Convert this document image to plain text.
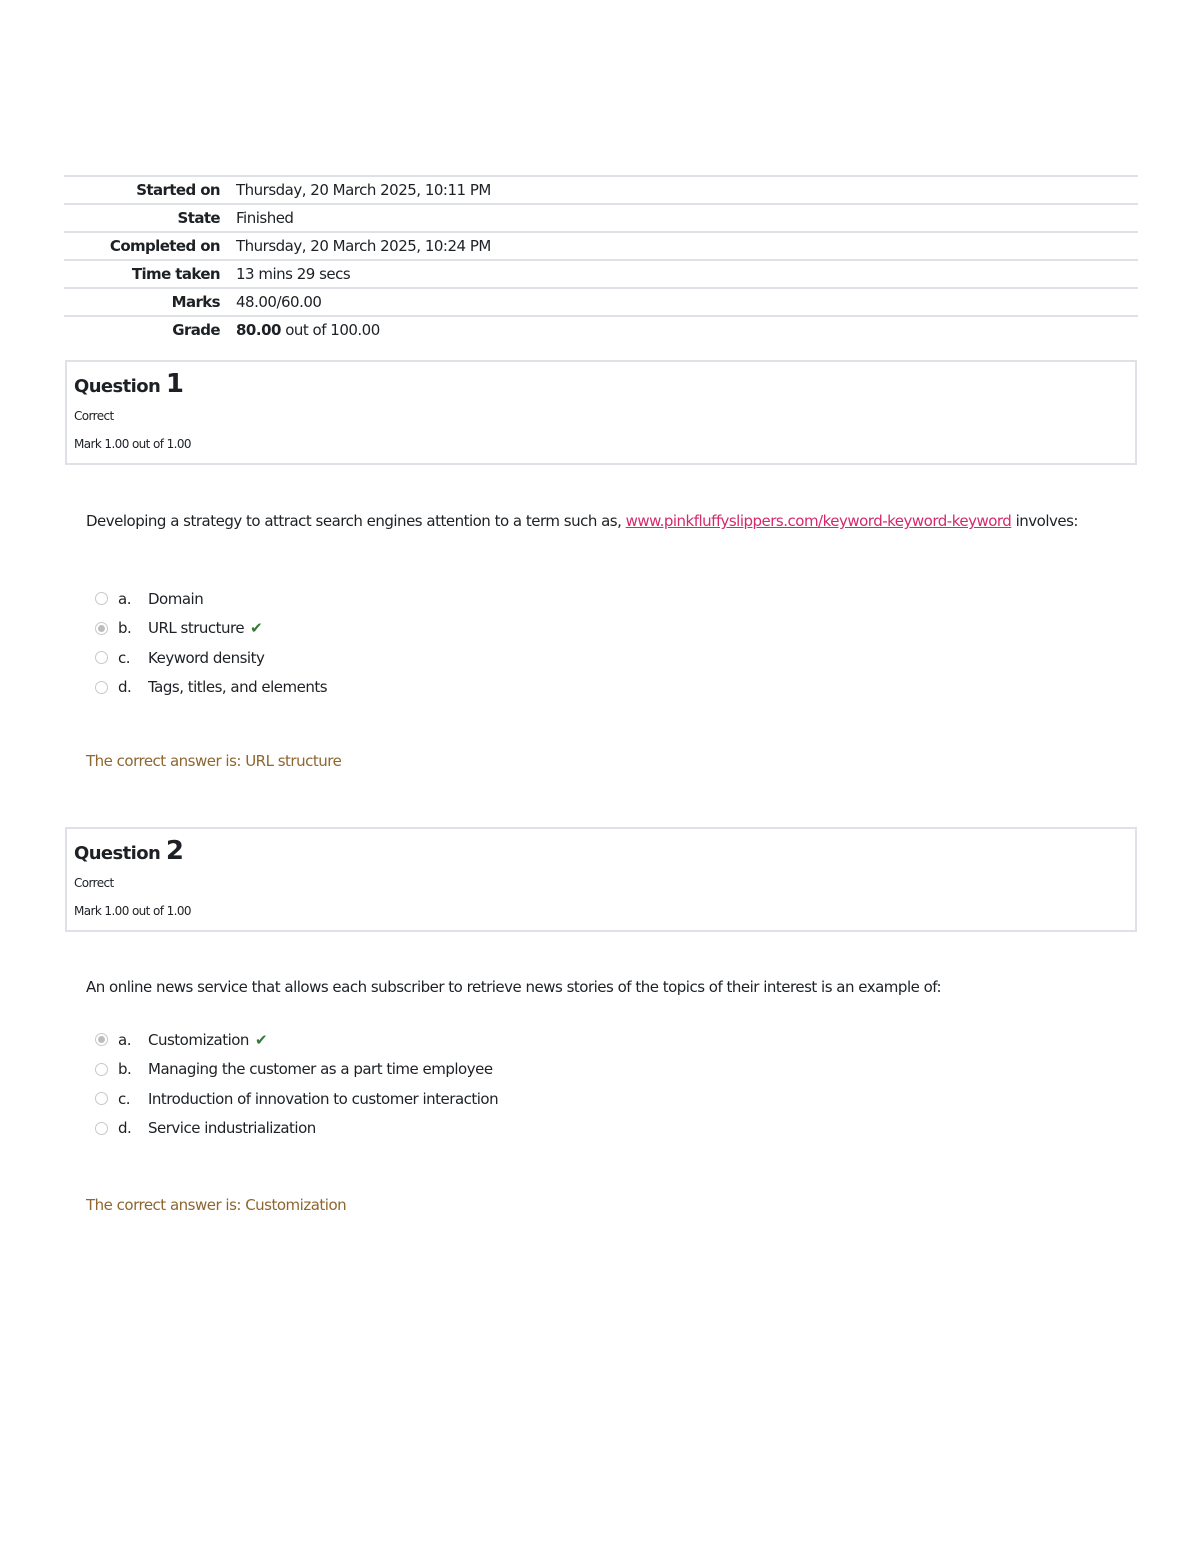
Started on	Thursday, 20 March 2025, 10:11 PM
State	Finished
Completed on	Thursday, 20 March 2025, 10:24 PM
Time taken	13 mins 29 secs
Marks	48.00/60.00
Grade	80.00 out of 100.00
Question 1
Correct
Mark 1.00 out of 1.00
Developing a strategy to attract search engines attention to a term such as, www.pinkfluffyslippers.com/keyword-keyword-keyword involves:
a.	Domain
b.	URL structure ✔
c.	Keyword density
d.	Tags, titles, and elements
The correct answer is: URL structure
Question 2
Correct
Mark 1.00 out of 1.00
An online news service that allows each subscriber to retrieve news stories of the topics of their interest is an example of:
a.	Customization ✔
b.	Managing the customer as a part time employee
c.	Introduction of innovation to customer interaction
d.	Service industrialization
The correct answer is: Customization
